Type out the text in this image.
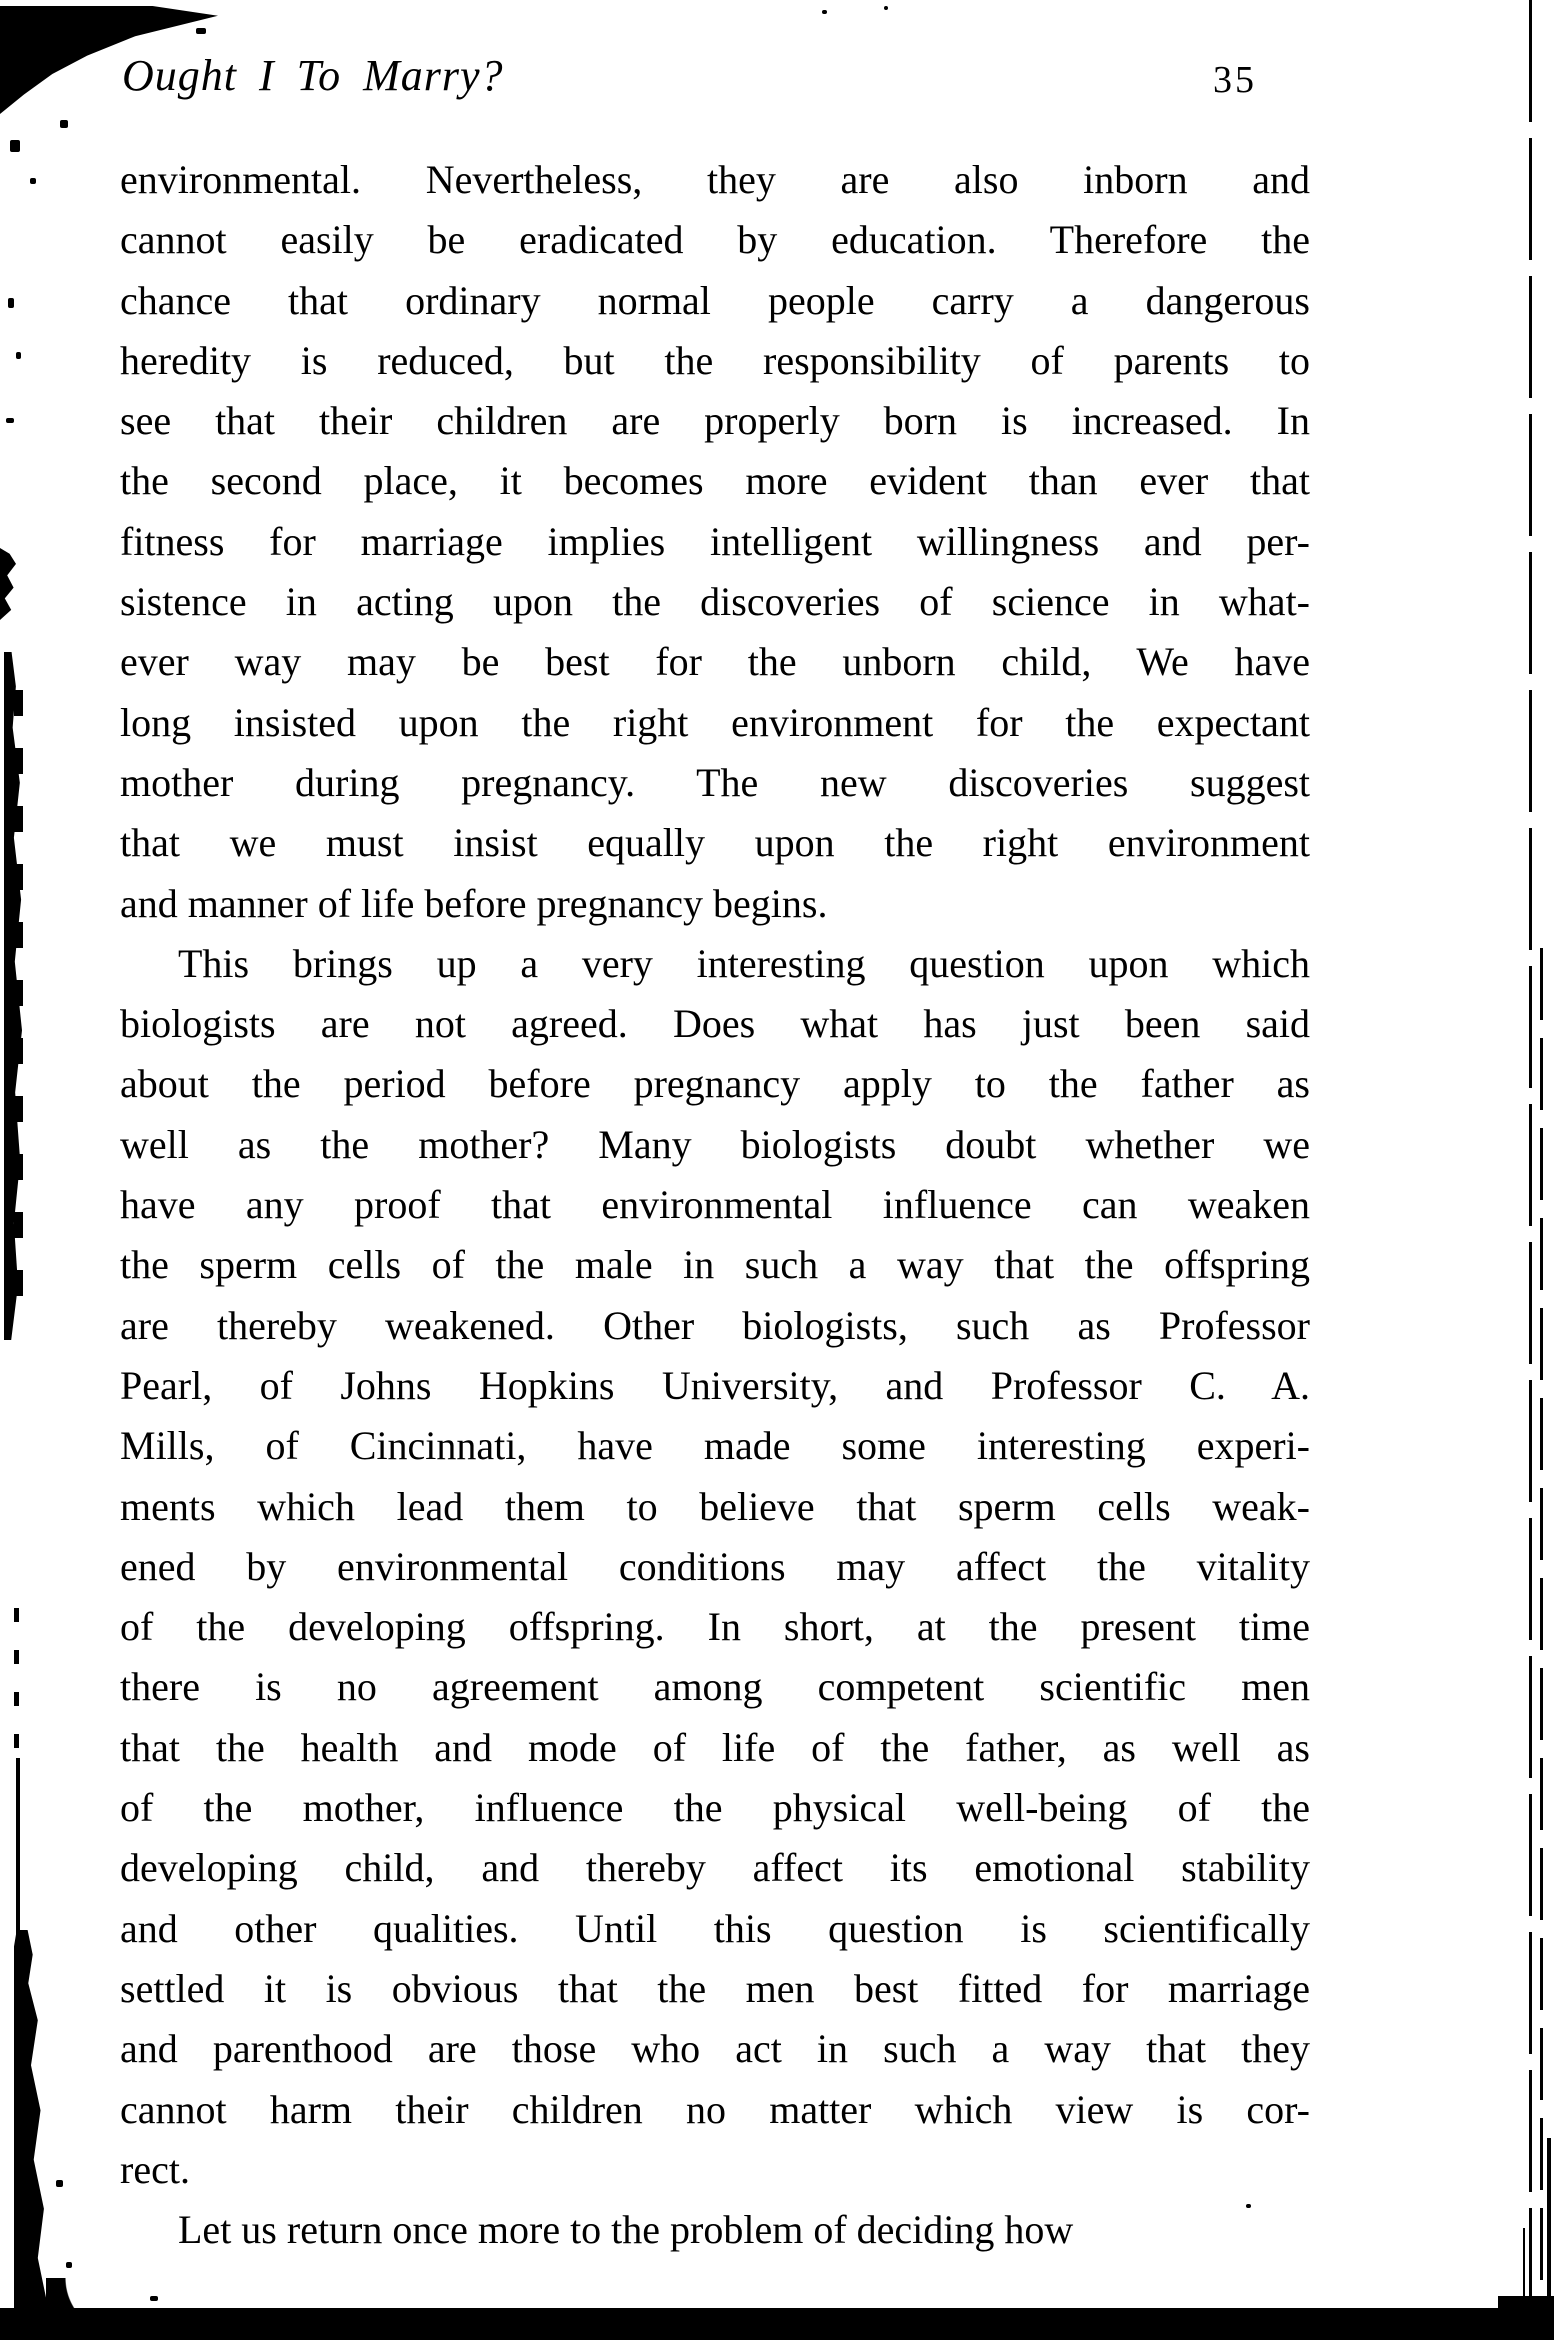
Ought I To Marry?	35
environmental. Nevertheless, they are also inborn and
cannot easily be eradicated by education. Therefore the
chance that ordinary normal people carry a dangerous
heredity is reduced, but the responsibility of parents to
see that their children are properly born is increased. In
the second place, it becomes more evident than ever that
fitness for marriage implies intelligent willingness and per-
sistence in acting upon the discoveries of science in what-
ever way may be best for the unborn child, We have
long insisted upon the right environment for the expectant
mother during pregnancy. The new discoveries suggest
that we must insist equally upon the right environment
and manner of life before pregnancy begins.
This brings up a very interesting question upon which
biologists are not agreed. Does what has just been said
about the period before pregnancy apply to the father as
well as the mother? Many biologists doubt whether we
have any proof that environmental influence can weaken
the sperm cells of the male in such a way that the offspring
are thereby weakened. Other biologists, such as Professor
Pearl, of Johns Hopkins University, and Professor C. A.
Mills, of Cincinnati, have made some interesting experi-
ments which lead them to believe that sperm cells weak-
ened by environmental conditions may affect the vitality
of the developing offspring. In short, at the present time
there is no agreement among competent scientific men
that the health and mode of life of the father, as well as
of the mother, influence the physical well-being of the
developing child, and thereby affect its emotional stability
and other qualities. Until this question is scientifically
settled it is obvious that the men best fitted for marriage
and parenthood are those who act in such a way that they
cannot harm their children no matter which view is cor-
rect.
Let us return once more to the problem of deciding how
